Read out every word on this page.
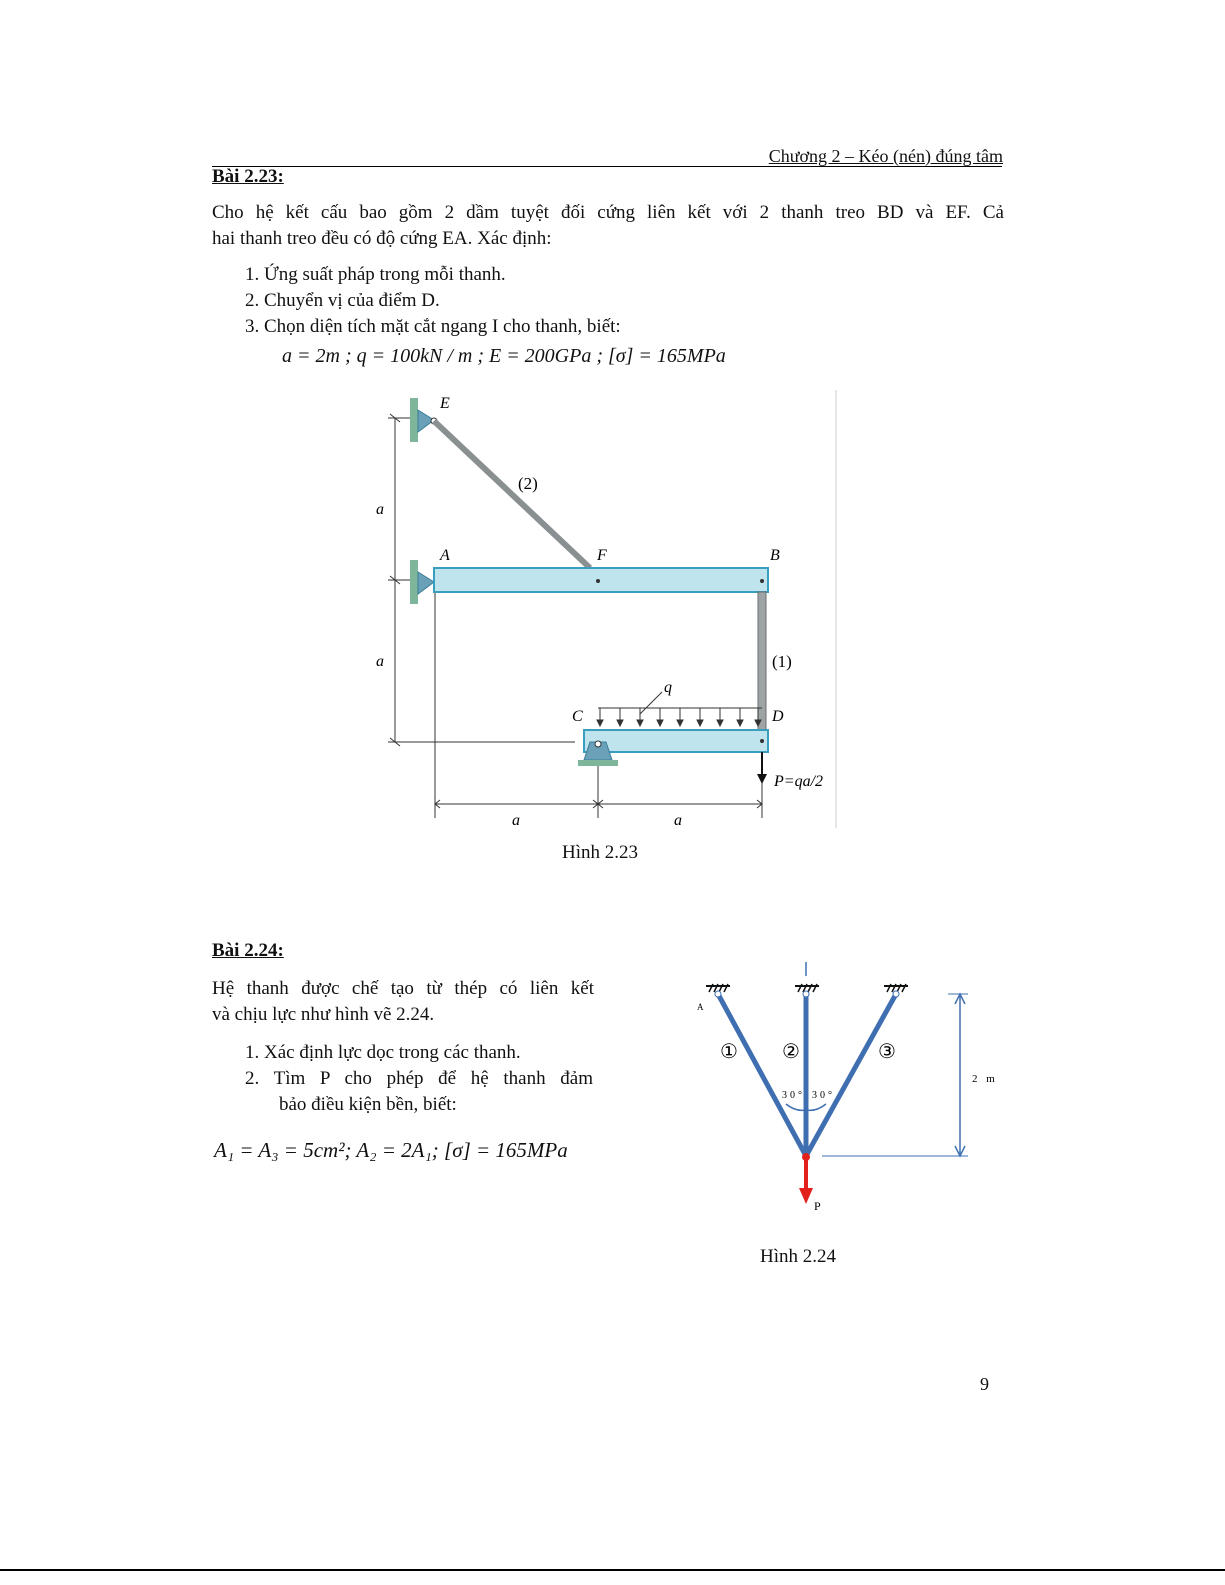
Chương 2 – Kéo (nén) đúng tâm
Bài 2.23:
Cho hệ kết cấu bao gồm 2 dầm tuyệt đối cứng liên kết với 2 thanh treo BD và EF. Cả
hai thanh treo đều có độ cứng EA. Xác định:
1. Ứng suất pháp trong mỗi thanh.
2. Chuyển vị của điểm D.
3. Chọn diện tích mặt cắt ngang I cho thanh, biết:
a = 2m ; q = 100kN / m ; E = 200GPa ; [σ] = 165MPa
E
A	F	B
C	D
q
(2)
(1)
a
a
a	a
P=qa/2
Hình 2.23
Bài 2.24:
Hệ thanh được chế tạo từ thép có liên kết
và chịu lực như hình vẽ 2.24.
1. Xác định lực dọc trong các thanh.
2. Tìm P cho phép để hệ thanh đảm
bảo điều kiện bền, biết:
A₁ = A₃ = 5cm²; A₂ = 2A₁; [σ] = 165MPa
① ②	③
30° 30°
2 m
P
A
Hình 2.24
9
